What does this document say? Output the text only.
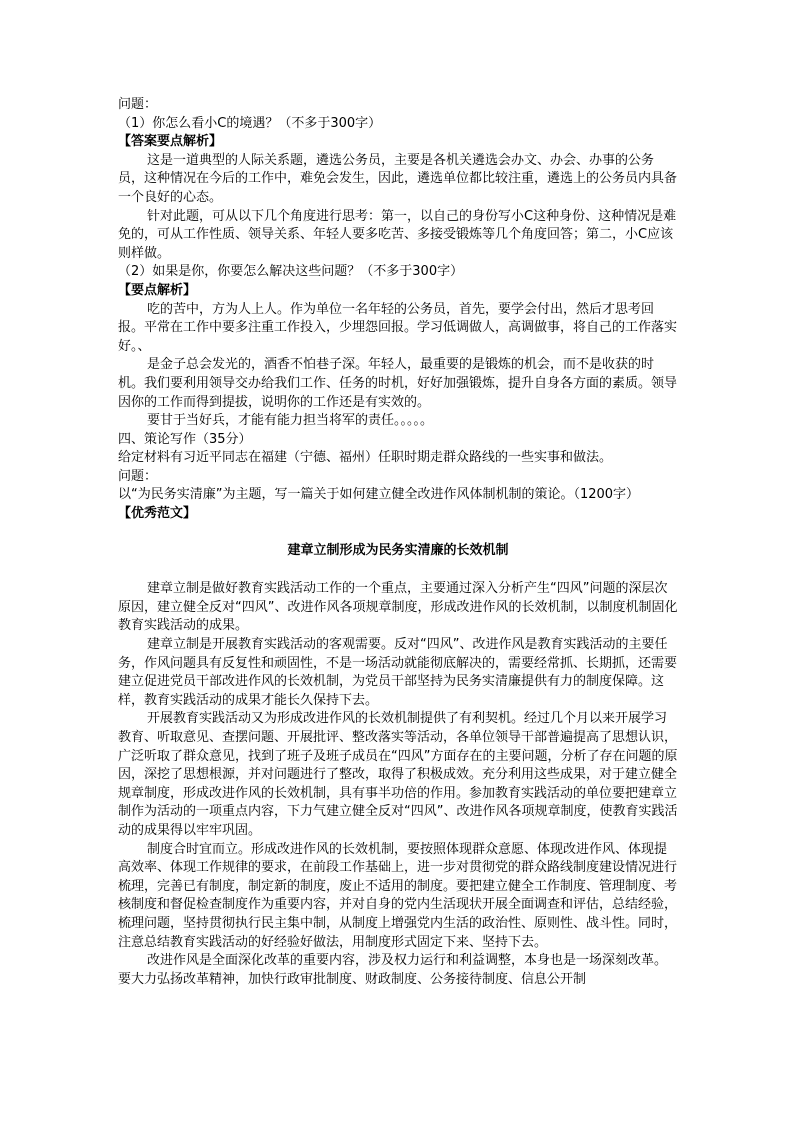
问题：

（1）你怎么看小C的境遇？（不多于300字）

【答案要点解析】

这是一道典型的人际关系题，遴选公务员，主要是各机关遴选会办文、办会、办事的公务员，这种情况在今后的工作中，难免会发生，因此，遴选单位都比较注重，遴选上的公务员内具备一个良好的心态。

针对此题，可从以下几个角度进行思考：第一，以自己的身份写小C这种身份、这种情况是难免的，可从工作性质、领导关系、年轻人要多吃苦、多接受锻炼等几个角度回答；第二，小C应该则样做。

（2）如果是你，你要怎么解决这些问题？（不多于300字）

【要点解析】

吃的苦中，方为人上人。作为单位一名年轻的公务员，首先，要学会付出，然后才思考回报。平常在工作中要多注重工作投入，少埋怨回报。学习低调做人，高调做事，将自己的工作落实好。、

是金子总会发光的，酒香不怕巷子深。年轻人，最重要的是锻炼的机会，而不是收获的时机。我们要利用领导交办给我们工作、任务的时机，好好加强锻炼，提升自身各方面的素质。领导因你的工作而得到提拔，说明你的工作还是有实效的。

要甘于当好兵，才能有能力担当将军的责任。。。。。

四、策论写作（35分）

给定材料有习近平同志在福建（宁德、福州）任职时期走群众路线的一些实事和做法。

问题：

以“为民务实清廉”为主题，写一篇关于如何建立健全改进作风体制机制的策论。（1200字）

【优秀范文】

建章立制形成为民务实清廉的长效机制

建章立制是做好教育实践活动工作的一个重点，主要通过深入分析产生“四风”问题的深层次原因，建立健全反对“四风”、改进作风各项规章制度，形成改进作风的长效机制，以制度机制固化教育实践活动的成果。

建章立制是开展教育实践活动的客观需要。反对“四风”、改进作风是教育实践活动的主要任务，作风问题具有反复性和顽固性，不是一场活动就能彻底解决的，需要经常抓、长期抓，还需要建立促进党员干部改进作风的长效机制，为党员干部坚持为民务实清廉提供有力的制度保障。这样，教育实践活动的成果才能长久保持下去。

开展教育实践活动又为形成改进作风的长效机制提供了有利契机。经过几个月以来开展学习教育、听取意见、查摆问题、开展批评、整改落实等活动，各单位领导干部普遍提高了思想认识，广泛听取了群众意见，找到了班子及班子成员在“四风”方面存在的主要问题，分析了存在问题的原因，深挖了思想根源，并对问题进行了整改，取得了积极成效。充分利用这些成果，对于建立健全规章制度，形成改进作风的长效机制，具有事半功倍的作用。参加教育实践活动的单位要把建章立制作为活动的一项重点内容，下力气建立健全反对“四风”、改进作风各项规章制度，使教育实践活动的成果得以牢牢巩固。

制度合时宜而立。形成改进作风的长效机制，要按照体现群众意愿、体现改进作风、体现提高效率、体现工作规律的要求，在前段工作基础上，进一步对贯彻党的群众路线制度建设情况进行梳理，完善已有制度，制定新的制度，废止不适用的制度。要把建立健全工作制度、管理制度、考核制度和督促检查制度作为重要内容，并对自身的党内生活现状开展全面调查和评估，总结经验，梳理问题，坚持贯彻执行民主集中制，从制度上增强党内生活的政治性、原则性、战斗性。同时，注意总结教育实践活动的好经验好做法，用制度形式固定下来、坚持下去。

改进作风是全面深化改革的重要内容，涉及权力运行和利益调整，本身也是一场深刻改革。要大力弘扬改革精神，加快行政审批制度、财政制度、公务接待制度、信息公开制
